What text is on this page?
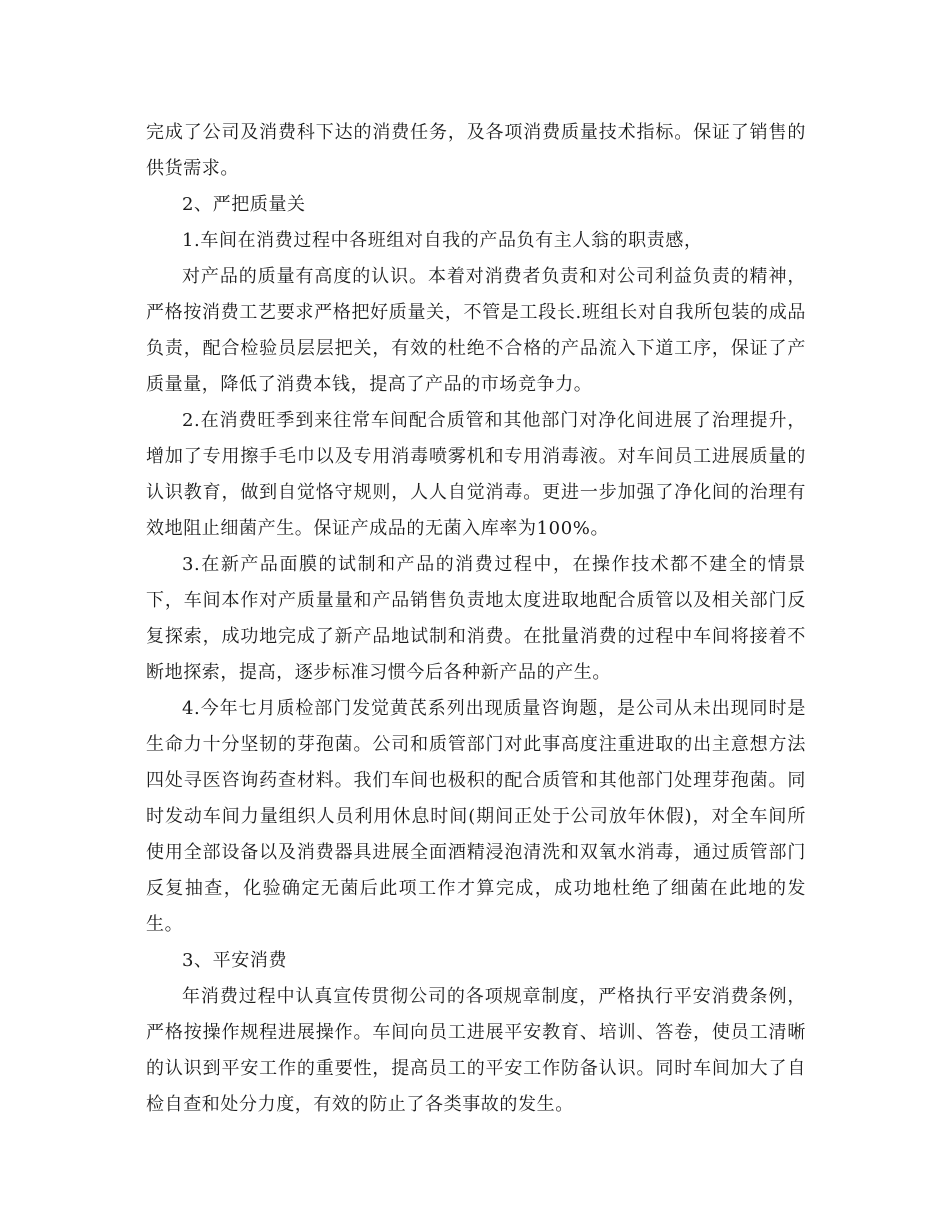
完成了公司及消费科下达的消费任务，及各项消费质量技术指标。保证了销售的供货需求。

2、严把质量关

1.车间在消费过程中各班组对自我的产品负有主人翁的职责感，

对产品的质量有高度的认识。本着对消费者负责和对公司利益负责的精神，严格按消费工艺要求严格把好质量关，不管是工段长.班组长对自我所包装的成品负责，配合检验员层层把关，有效的杜绝不合格的产品流入下道工序，保证了产质量量，降低了消费本钱，提高了产品的市场竞争力。

2.在消费旺季到来往常车间配合质管和其他部门对净化间进展了治理提升，增加了专用擦手毛巾以及专用消毒喷雾机和专用消毒液。对车间员工进展质量的认识教育，做到自觉恪守规则，人人自觉消毒。更进一步加强了净化间的治理有效地阻止细菌产生。保证产成品的无菌入库率为100%。

3.在新产品面膜的试制和产品的消费过程中，在操作技术都不建全的情景下，车间本作对产质量量和产品销售负责地太度进取地配合质管以及相关部门反复探索，成功地完成了新产品地试制和消费。在批量消费的过程中车间将接着不断地探索，提高，逐步标准习惯今后各种新产品的产生。

4.今年七月质检部门发觉黄芪系列出现质量咨询题，是公司从未出现同时是生命力十分坚韧的芽孢菌。公司和质管部门对此事高度注重进取的出主意想方法四处寻医咨询药查材料。我们车间也极积的配合质管和其他部门处理芽孢菌。同时发动车间力量组织人员利用休息时间(期间正处于公司放年休假)，对全车间所使用全部设备以及消费器具进展全面酒精浸泡清洗和双氧水消毒，通过质管部门反复抽查，化验确定无菌后此项工作才算完成，成功地杜绝了细菌在此地的发生。

3、平安消费

年消费过程中认真宣传贯彻公司的各项规章制度，严格执行平安消费条例，严格按操作规程进展操作。车间向员工进展平安教育、培训、答卷，使员工清晰的认识到平安工作的重要性，提高员工的平安工作防备认识。同时车间加大了自检自查和处分力度，有效的防止了各类事故的发生。
